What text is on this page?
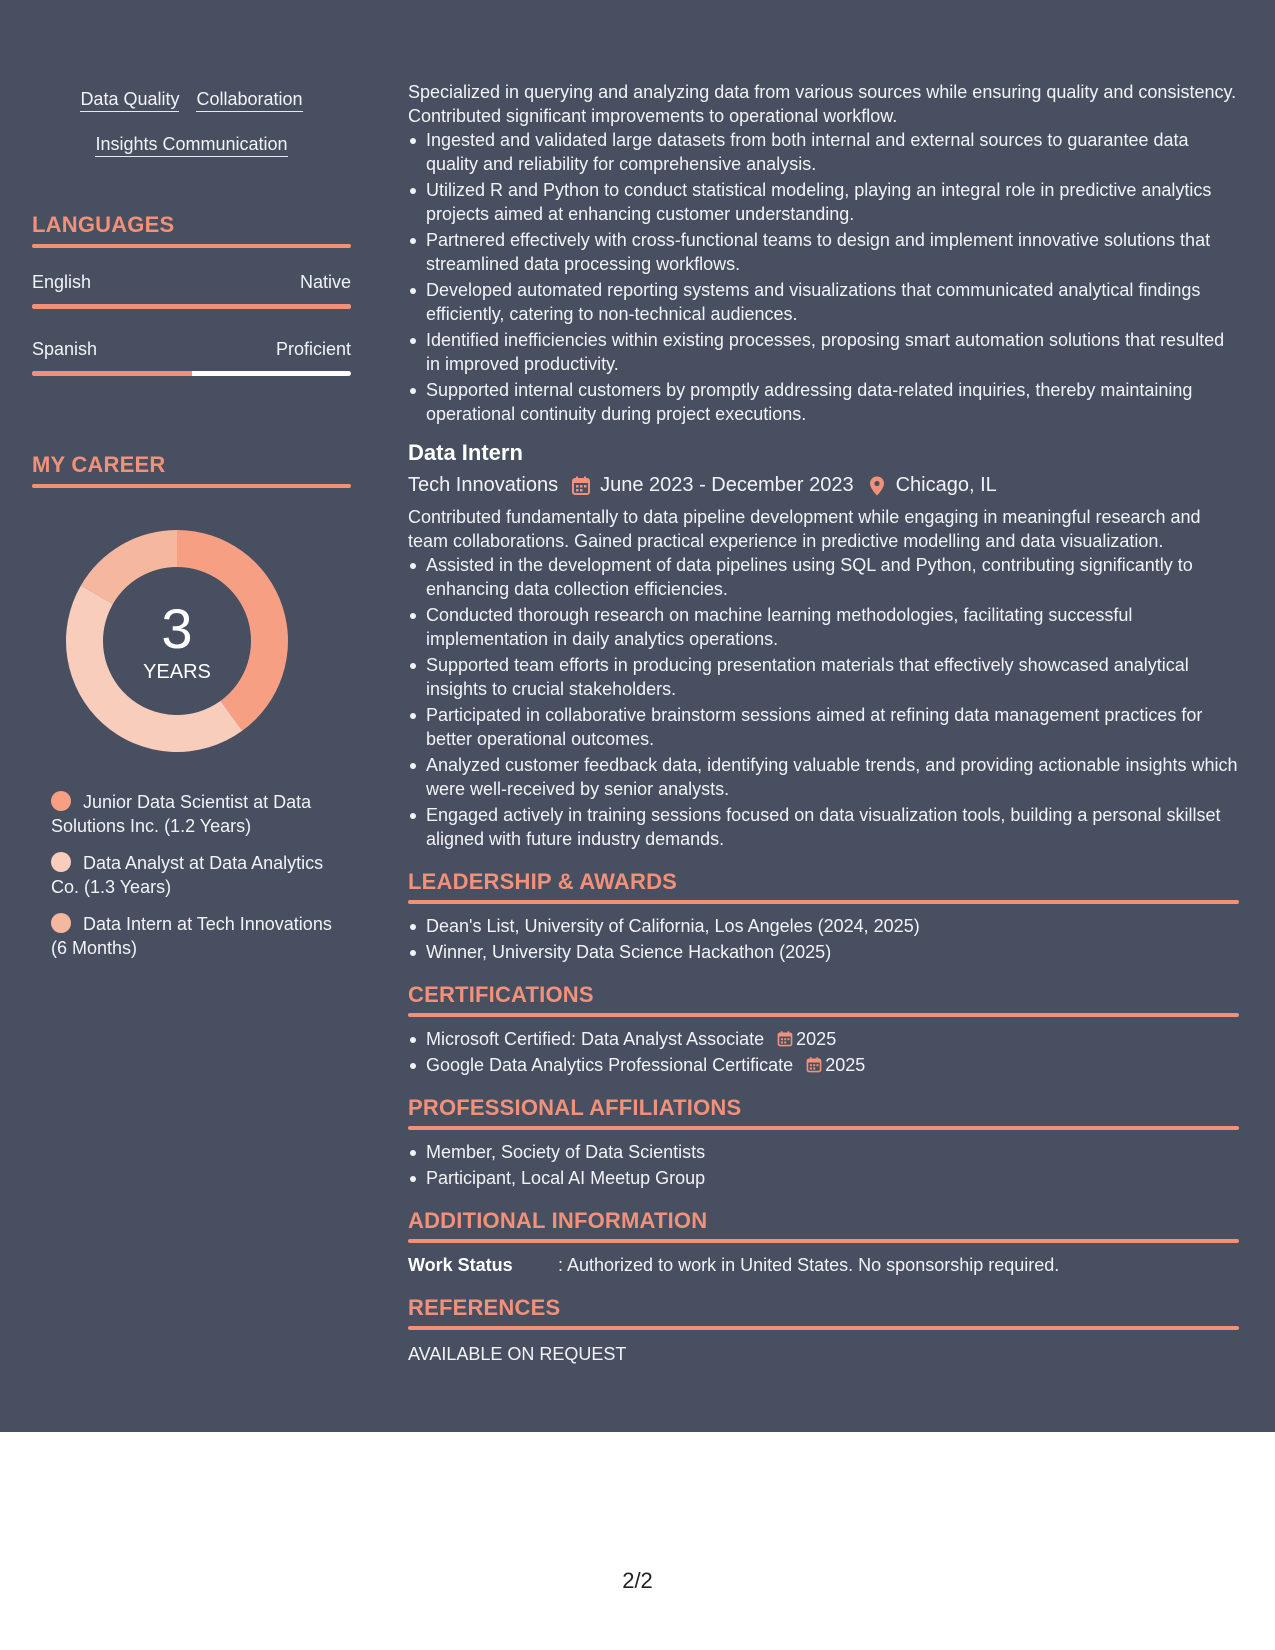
Data Quality Collaboration
Insights Communication
LANGUAGES
English	Native
Spanish	Proficient
MY CAREER
3
YEARS
Junior Data Scientist at Data Solutions Inc. (1.2 Years)
Data Analyst at Data Analytics Co. (1.3 Years)
Data Intern at Tech Innovations (6 Months)
Specialized in querying and analyzing data from various sources while ensuring quality and consistency. Contributed significant improvements to operational workflow.
Ingested and validated large datasets from both internal and external sources to guarantee data quality and reliability for comprehensive analysis.
Utilized R and Python to conduct statistical modeling, playing an integral role in predictive analytics projects aimed at enhancing customer understanding.
Partnered effectively with cross-functional teams to design and implement innovative solutions that streamlined data processing workflows.
Developed automated reporting systems and visualizations that communicated analytical findings efficiently, catering to non-technical audiences.
Identified inefficiencies within existing processes, proposing smart automation solutions that resulted in improved productivity.
Supported internal customers by promptly addressing data-related inquiries, thereby maintaining operational continuity during project executions.
Data Intern
Tech Innovations June 2023 - December 2023 Chicago, IL
Contributed fundamentally to data pipeline development while engaging in meaningful research and team collaborations. Gained practical experience in predictive modelling and data visualization.
Assisted in the development of data pipelines using SQL and Python, contributing significantly to enhancing data collection efficiencies.
Conducted thorough research on machine learning methodologies, facilitating successful implementation in daily analytics operations.
Supported team efforts in producing presentation materials that effectively showcased analytical insights to crucial stakeholders.
Participated in collaborative brainstorm sessions aimed at refining data management practices for better operational outcomes.
Analyzed customer feedback data, identifying valuable trends, and providing actionable insights which were well-received by senior analysts.
Engaged actively in training sessions focused on data visualization tools, building a personal skillset aligned with future industry demands.
LEADERSHIP & AWARDS
Dean's List, University of California, Los Angeles (2024, 2025)
Winner, University Data Science Hackathon (2025)
CERTIFICATIONS
Microsoft Certified: Data Analyst Associate 2025
Google Data Analytics Professional Certificate 2025
PROFESSIONAL AFFILIATIONS
Member, Society of Data Scientists
Participant, Local AI Meetup Group
ADDITIONAL INFORMATION
Work Status	: Authorized to work in United States. No sponsorship required.
REFERENCES
AVAILABLE ON REQUEST
2/2
